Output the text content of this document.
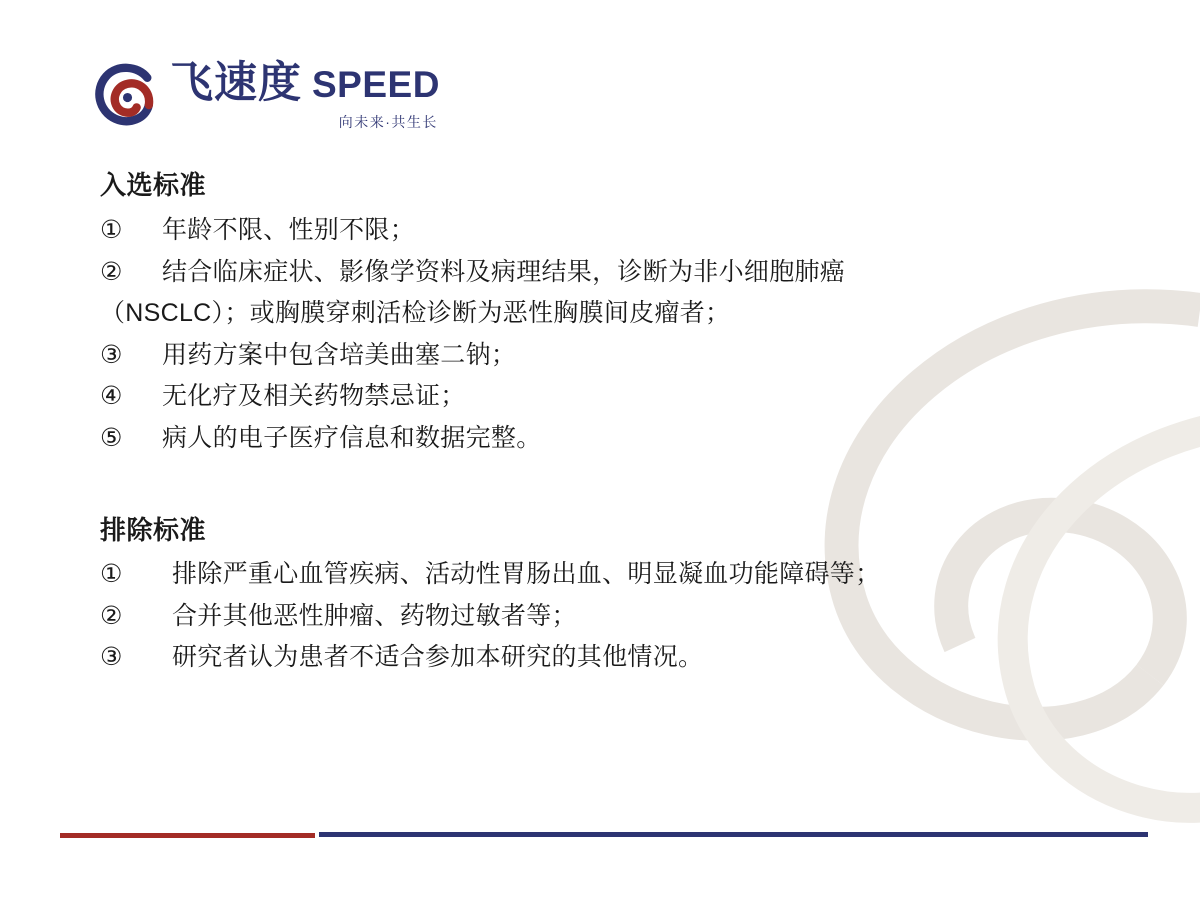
飞速度 SPEED
向未来·共生长
入选标准
①	年龄不限、性别不限；
②	结合临床症状、影像学资料及病理结果，诊断为非小细胞肺癌
（NSCLC）；或胸膜穿刺活检诊断为恶性胸膜间皮瘤者；
③	用药方案中包含培美曲塞二钠；
④	无化疗及相关药物禁忌证；
⑤	病人的电子医疗信息和数据完整。
排除标准
①	排除严重心血管疾病、活动性胃肠出血、明显凝血功能障碍等；
②	合并其他恶性肿瘤、药物过敏者等；
③	研究者认为患者不适合参加本研究的其他情况。
